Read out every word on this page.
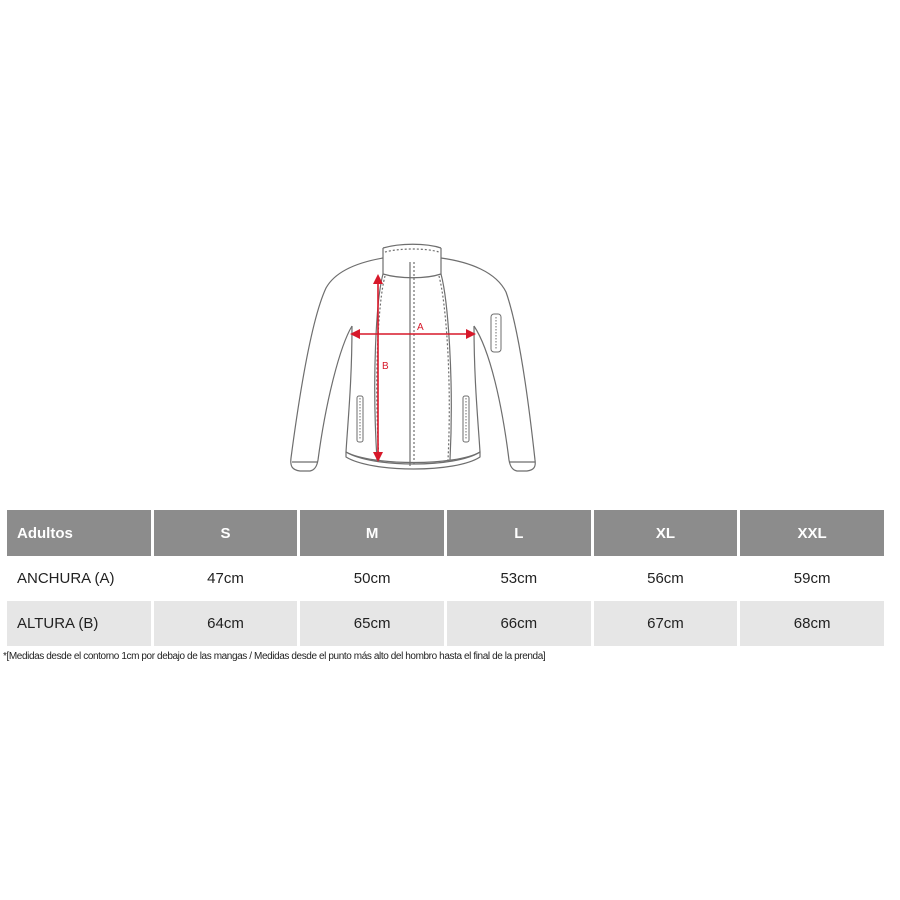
A
B
Adultos	S	M	L	XL	XXL
ANCHURA (A)	47cm	50cm	53cm	56cm	59cm
ALTURA (B)	64cm	65cm	66cm	67cm	68cm
*[Medidas desde el contorno 1cm por debajo de las mangas / Medidas desde el punto más alto del hombro hasta el final de la prenda]
